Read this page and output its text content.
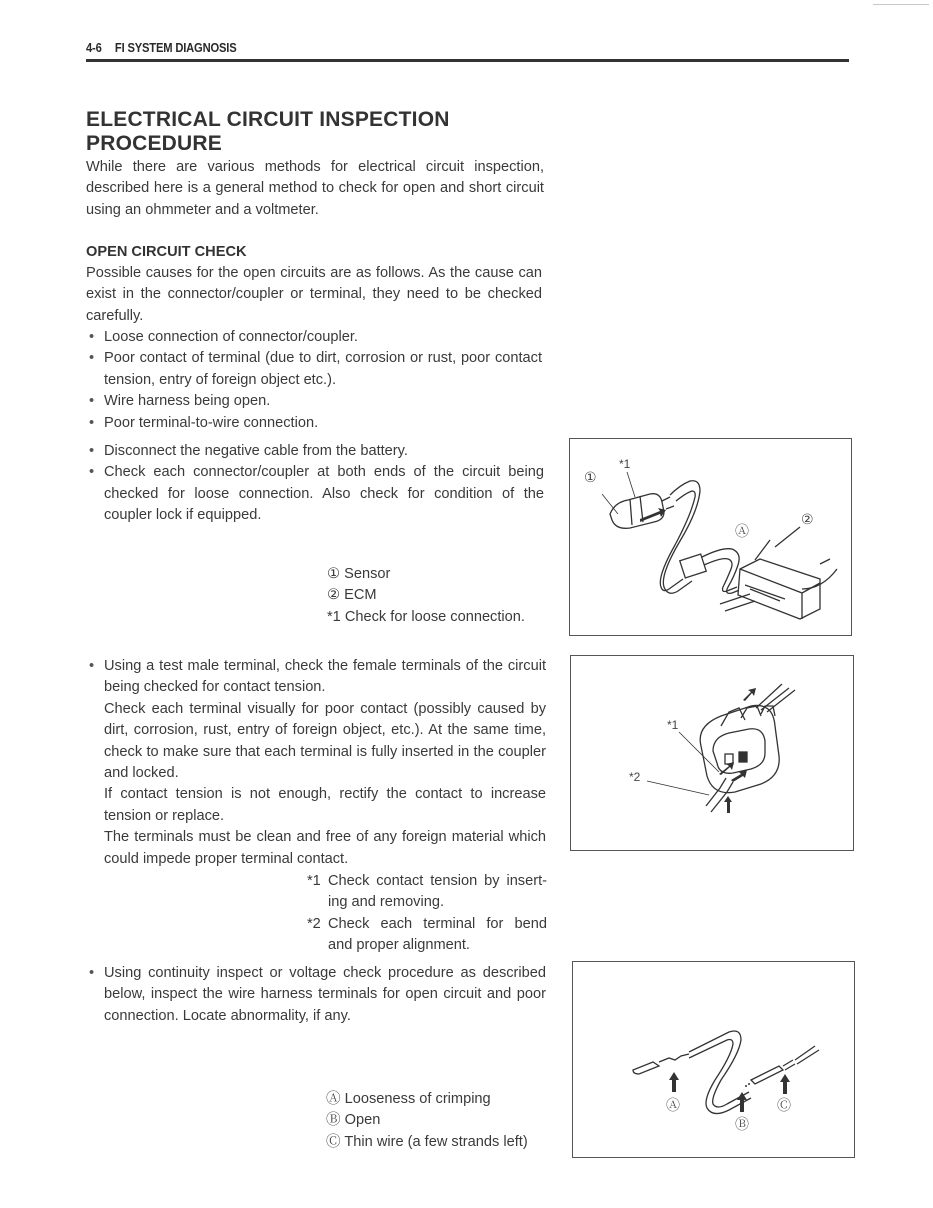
4-6 FI SYSTEM DIAGNOSIS
ELECTRICAL CIRCUIT INSPECTION
PROCEDURE
While there are various methods for electrical circuit inspection, described here is a general method to check for open and short circuit using an ohmmeter and a voltmeter.
OPEN CIRCUIT CHECK
Possible causes for the open circuits are as follows. As the cause can exist in the connector/coupler or terminal, they need to be checked carefully.
• Loose connection of connector/coupler.
• Poor contact of terminal (due to dirt, corrosion or rust, poor contact tension, entry of foreign object etc.).
• Wire harness being open.
• Poor terminal-to-wire connection.
• Disconnect the negative cable from the battery.
• Check each connector/coupler at both ends of the circuit being checked for loose connection. Also check for condition of the coupler lock if equipped.
① Sensor
② ECM
*1 Check for loose connection.
①
*1
Ⓐ
②
• Using a test male terminal, check the female terminals of the circuit being checked for contact tension.
Check each terminal visually for poor contact (possibly caused by dirt, corrosion, rust, entry of foreign object, etc.). At the same time, check to make sure that each terminal is fully inserted in the coupler and locked.
If contact tension is not enough, rectify the contact to increase tension or replace.
The terminals must be clean and free of any foreign material which could impede proper terminal contact.
*1 Check contact tension by insert-ing and removing.
*2 Check each terminal for bend and proper alignment.
*1
*2
• Using continuity inspect or voltage check procedure as described below, inspect the wire harness terminals for open circuit and poor connection. Locate abnormality, if any.
Ⓐ Looseness of crimping
Ⓑ Open
Ⓒ Thin wire (a few strands left)
Ⓐ
Ⓑ
Ⓒ
